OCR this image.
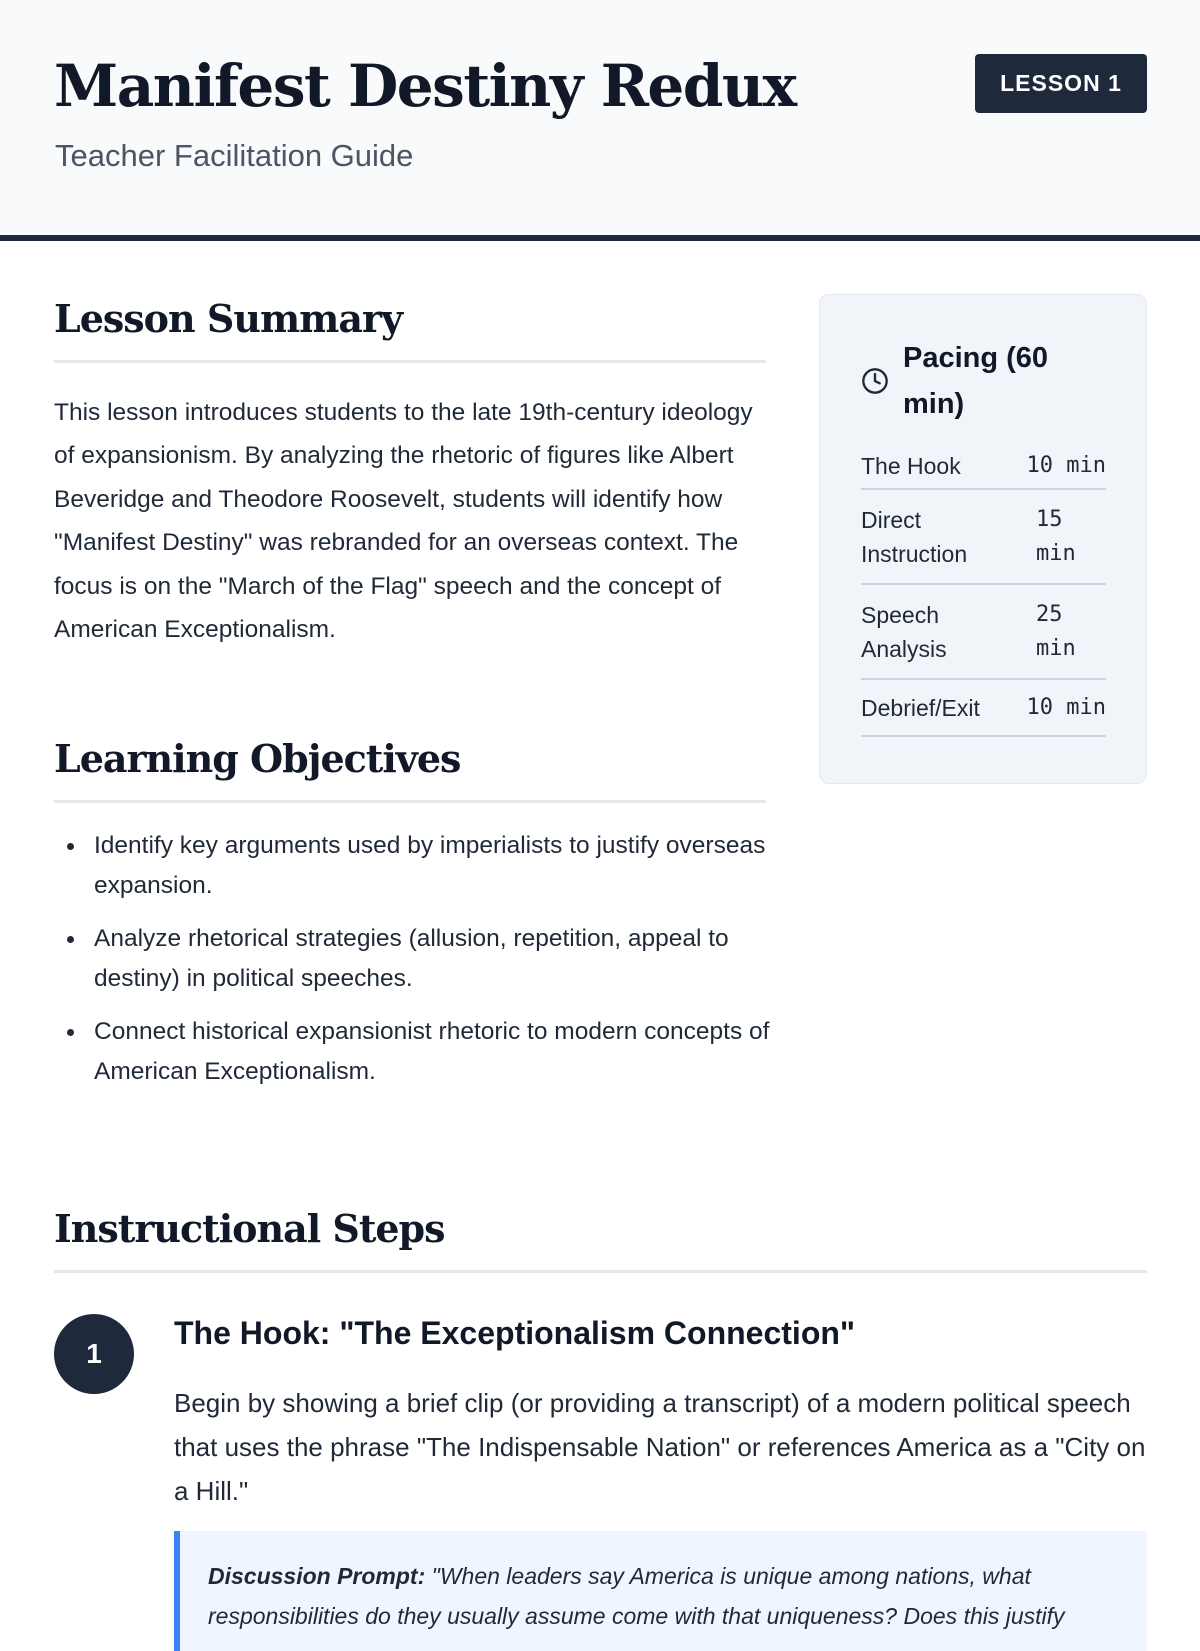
Manifest Destiny Redux
Teacher Facilitation Guide
LESSON 1
Lesson Summary

This lesson introduces students to the late 19th-century ideology of expansionism. By analyzing the rhetoric of figures like Albert Beveridge and Theodore Roosevelt, students will identify how "Manifest Destiny" was rebranded for an overseas context. The focus is on the "March of the Flag" speech and the concept of American Exceptionalism.

Learning Objectives
Identify key arguments used by imperialists to justify overseas expansion.
Analyze rhetorical strategies (allusion, repetition, appeal to destiny) in political speeches.
Connect historical expansionist rhetoric to modern concepts of American Exceptionalism.
Pacing (60 min)
The Hook	10 min
Direct Instruction
15 min
Speech Analysis
25 min
Debrief/Exit 10 min
Instructional Steps
1
The Hook: "The Exceptionalism Connection"

Begin by showing a brief clip (or providing a transcript) of a modern political speech that uses the phrase "The Indispensable Nation" or references America as a "City on a Hill."

Discussion Prompt: "When leaders say America is unique among nations, what responsibilities do they usually assume come with that uniqueness? Does this justify
